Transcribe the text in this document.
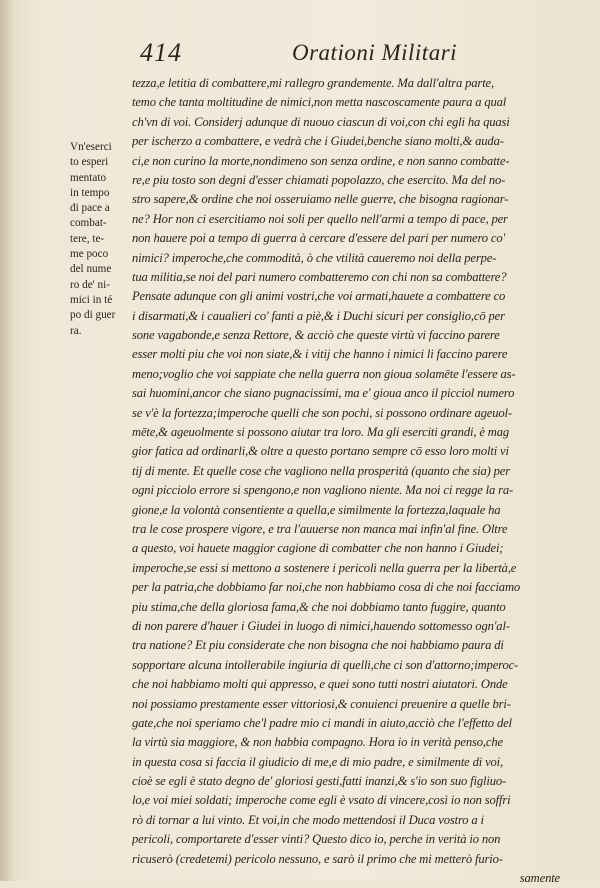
414	Orationi Militari
Vn'eserci
to esperi
mentato
in tempo
di pace a
combat-
tere, te-
me poco
del nume
ro de' ni-
mici in té
po di guer
ra.
tezza,e letitia di combattere,mi rallegro grandemente. Ma dall'altra parte,
temo che tanta moltitudine de nimici,non metta nascoscamente paura a qual
ch'vn di voi. Considerj adunque di nuouo ciascun di voi,con chi egli ha quasi
per ischerzo a combattere, e vedrà che i Giudei,benche siano molti,& auda-
ci,e non curino la morte,nondimeno son senza ordine, e non sanno combatte-
re,e piu tosto son degni d'esser chiamati popolazzo, che esercito. Ma del no-
stro sapere,& ordine che noi osseruiamo nelle guerre, che bisogna ragionar-
ne? Hor non ci esercitiamo noi soli per quello nell'armi a tempo di pace, per
non hauere poi a tempo di guerra à cercare d'essere del pari per numero co'
nimici? imperoche,che commodità, ò che vtilità caueremo noi della perpe-
tua militia,se noi del pari numero combatteremo con chi non sa combattere?
Pensate adunque con gli animi vostri,che voi armati,hauete a combattere co
i disarmati,& i caualieri co' fanti a piè,& i Duchi sicuri per consiglio,cō per
sone vagabonde,e senza Rettore, & acciò che queste virtù vi faccino parere
esser molti piu che voi non siate,& i vitij che hanno i nimici li faccino parere
meno;voglio che voi sappiate che nella guerra non gioua solamēte l'essere as-
sai huomini,ancor che siano pugnacissimi, ma e' gioua anco il picciol numero
se v'è la fortezza;imperoche quelli che son pochi, si possono ordinare ageuol-
mēte,& ageuolmente si possono aiutar tra loro. Ma gli eserciti grandi, è mag
gior fatica ad ordinarli,& oltre a questo portano sempre cō esso loro molti vi
tij di mente. Et quelle cose che vagliono nella prosperità (quanto che sia) per
ogni picciolo errore si spengono,e non vagliono niente. Ma noi ci regge la ra-
gione,e la volontà consentiente a quella,e similmente la fortezza,laquale ha
tra le cose prospere vigore, e tra l'auuerse non manca mai infin'al fine. Oltre
a questo, voi hauete maggior cagione di combatter che non hanno i Giudei;
imperoche,se essi si mettono a sostenere i pericoli nella guerra per la libertà,e
per la patria,che dobbiamo far noi,che non habbiamo cosa di che noi facciamo
piu stima,che della gloriosa fama,& che noi dobbiamo tanto fuggire, quanto
di non parere d'hauer i Giudei in luogo di nimici,hauendo sottomesso ogn'al-
tra natione? Et piu considerate che non bisogna che noi habbiamo paura di
sopportare alcuna intollerabile ingiuria di quelli,che ci son d'attorno;imperoc-
che noi habbiamo molti qui appresso, e quei sono tutti nostri aiutatori. Onde
noi possiamo prestamente esser vittoriosi,& conuienci preuenire a quelle bri-
gate,che noi speriamo che'l padre mio ci mandi in aiuto,acciò che l'effetto del
la virtù sia maggiore, & non habbia compagno. Hora io in verità penso,che
in questa cosa si faccia il giudicio di me,e di mio padre, e similmente di voi,
cioè se egli è stato degno de' gloriosi gesti,fatti inanzi,& s'io son suo figliuo-
lo,e voi miei soldati; imperoche come egli è vsato di vincere,così io non soffri
rò di tornar a lui vinto. Et voi,in che modo mettendosi il Duca vostro a i
pericoli, comportarete d'esser vinti? Questo dico io, perche in verità io non
ricuserò (credetemi) pericolo nessuno, e sarò il primo che mi metterò furio-
samente
